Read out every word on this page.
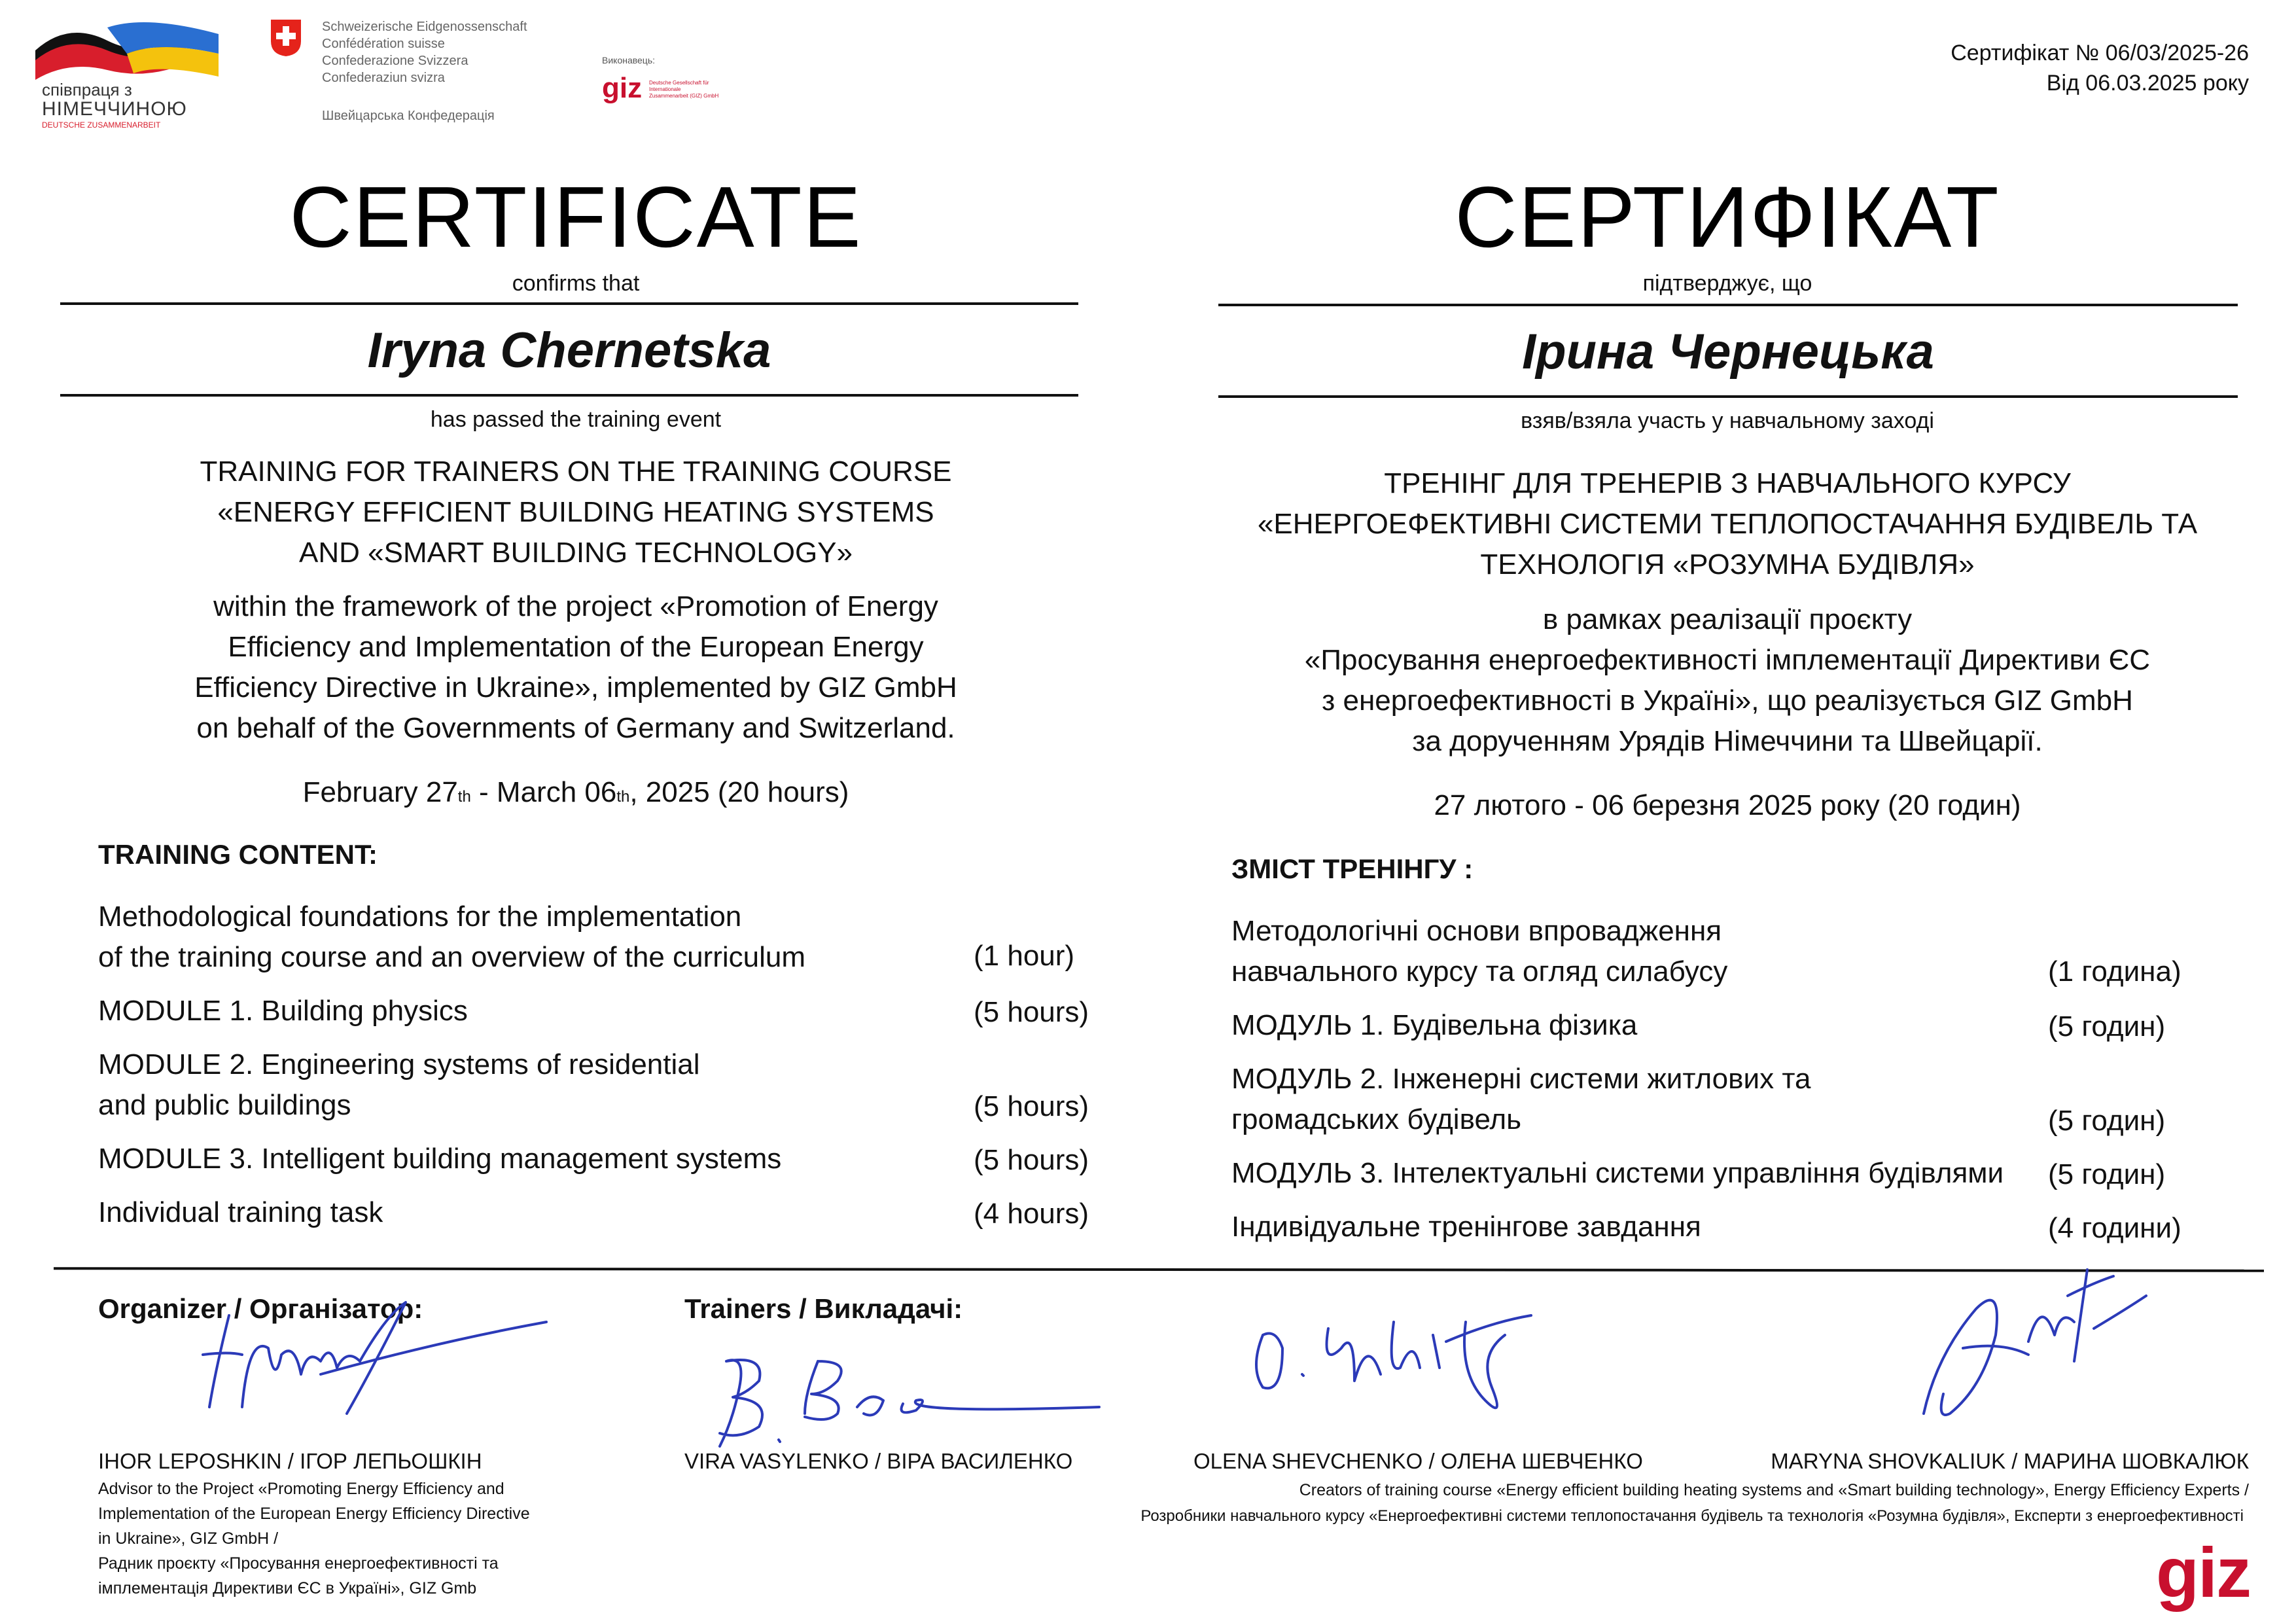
співпраця з
НІМЕЧЧИНОЮ
DEUTSCHE ZUSAMMENARBEIT
Schweizerische Eidgenossenschaft
Confédération suisse
Confederazione Svizzera
Confederaziun svizra
Швейцарська Конфедерація
Виконавець:
giz Deutsche Gesellschaft für Internationale Zusammenarbeit (GIZ) GmbH
Сертифікат № 06/03/2025-26
Від 06.03.2025 року
CERTIFICATE
confirms that
Iryna Chernetska
has passed the training event
TRAINING FOR TRAINERS ON THE TRAINING COURSE
«ENERGY EFFICIENT BUILDING HEATING SYSTEMS
AND «SMART BUILDING TECHNOLOGY»
within the framework of the project «Promotion of Energy
Efficiency and Implementation of the European Energy
Efficiency Directive in Ukraine», implemented by GIZ GmbH
on behalf of the Governments of Germany and Switzerland.
February 27th - March 06th, 2025 (20 hours)
TRAINING CONTENT:
Methodological foundations for the implementation
of the training course and an overview of the curriculum	(1 hour)
MODULE 1. Building physics	(5 hours)
MODULE 2. Engineering systems of residential
and public buildings	(5 hours)
MODULE 3. Intelligent building management systems	(5 hours)
Individual training task	(4 hours)
СЕРТИФІКАТ
підтверджує, що
Ірина Чернецька
взяв/взяла участь у навчальному заході
ТРЕНІНГ ДЛЯ ТРЕНЕРІВ З НАВЧАЛЬНОГО КУРСУ
«ЕНЕРГОЕФЕКТИВНІ СИСТЕМИ ТЕПЛОПОСТАЧАННЯ БУДІВЕЛЬ ТА
ТЕХНОЛОГІЯ «РОЗУМНА БУДІВЛЯ»
в рамках реалізації проєкту
«Просування енергоефективності імплементації Директиви ЄС
з енергоефективності в Україні», що реалізується GIZ GmbH
за дорученням Урядів Німеччини та Швейцарії.
27 лютого - 06 березня 2025 року (20 годин)
ЗМІСТ ТРЕНІНГУ :
Методологічні основи впровадження
навчального курсу та огляд силабусу	(1 година)
МОДУЛЬ 1. Будівельна фізика	(5 годин)
МОДУЛЬ 2. Інженерні системи житлових та
громадських будівель	(5 годин)
МОДУЛЬ 3. Інтелектуальні системи управління будівлями (5 годин)
Індивідуальне тренінгове завдання	(4 години)
Organizer / Організатор:	Trainers / Викладачі:
IHOR LEPOSHKIN / ІГОР ЛЕПЬОШКІН
Advisor to the Project «Promoting Energy Efficiency and
Implementation of the European Energy Efficiency Directive
in Ukraine», GIZ GmbH /
Радник проєкту «Просування енергоефективності та
імплементація Директиви ЄС в Україні», GIZ Gmb
VIRA VASYLENKO / ВІРА ВАСИЛЕНКО	OLENA SHEVCHENKO / ОЛЕНА ШЕВЧЕНКО	MARYNA SHOVKALIUK / МАРИНА ШОВКАЛЮК
Creators of training course «Energy efficient building heating systems and «Smart building technology», Energy Efficiency Experts /
Розробники навчального курсу «Енергоефективні системи теплопостачання будівель та технологія «Розумна будівля», Експерти з енергоефективності
giz
